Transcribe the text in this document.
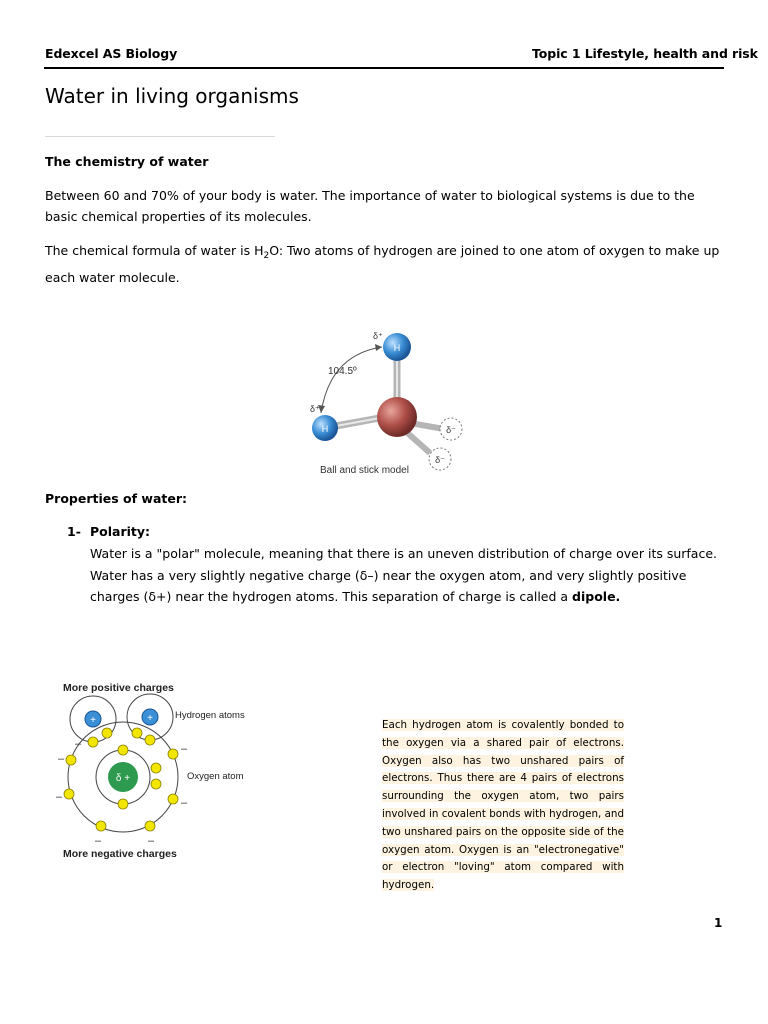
Edexcel AS Biology	Topic 1 Lifestyle, health and risk
Water in living organisms
The chemistry of water
Between 60 and 70% of your body is water. The importance of water to biological systems is due to the basic chemical properties of its molecules.
The chemical formula of water is $H_2O$: Two atoms of hydrogen are joined to one atom of oxygen to make up each water molecule.
H
H	δ⁻
δ⁻
δ⁺
δ⁺
104.5º
Ball and stick model
Properties of water:
1- Polarity:
Water is a "polar" molecule, meaning that there is an uneven distribution of charge over its surface. Water has a very slightly negative charge (δ–) near the oxygen atom, and very slightly positive charges (δ+) near the hydrogen atoms. This separation of charge is called a dipole.
More positive charges
Hydrogen atoms
Oxygen atom
More negative charges
+	+
δ +
–
–
–	–
–
–
–
Each hydrogen atom is covalently bonded to the oxygen via a shared pair of electrons. Oxygen also has two unshared pairs of electrons. Thus there are 4 pairs of electrons surrounding the oxygen atom, two pairs involved in covalent bonds with hydrogen, and two unshared pairs on the opposite side of the oxygen atom. Oxygen is an "electronegative" or electron "loving" atom compared with hydrogen.
1
